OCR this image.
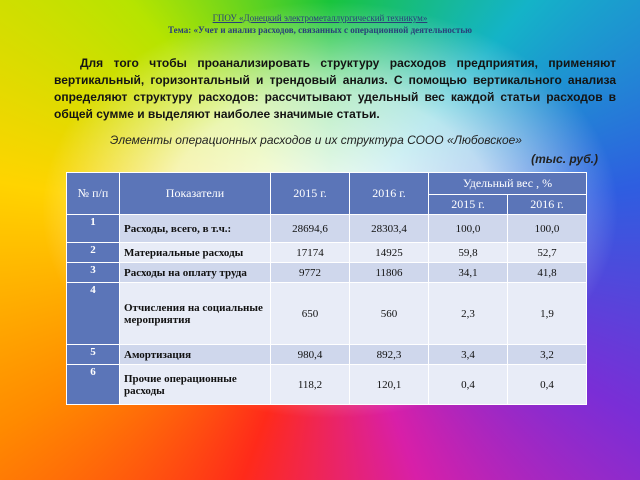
ГПОУ «Донецкий электрометаллургический техникум»
Тема: «Учет и анализ расходов, связанных с операционной деятельностью
Для того чтобы проанализировать структуру расходов предприятия, применяют вертикальный, горизонтальный и трендовый анализ. С помощью вертикального анализа определяют структуру расходов: рассчитывают удельный вес каждой статьи расходов в общей сумме и выделяют наиболее значимые статьи.
Элементы операционных расходов и их структура СООО «Любовское»
(тыс. руб.)
№ п/п	Показатели	2015 г.	2016 г.	Удельный вес , %	
				2015 г.	2016 г.
1	Расходы, всего, в т.ч.:	28694,6	28303,4	100,0	100,0
2	Материальные расходы	17174	14925	59,8	52,7
3	Расходы на оплату труда	9772	11806	34,1	41,8
4	Отчисления на социальные мероприятия	650	560	2,3	1,9
5	Амортизация	980,4	892,3	3,4	3,2
6	Прочие операционные расходы	118,2	120,1	0,4	0,4
